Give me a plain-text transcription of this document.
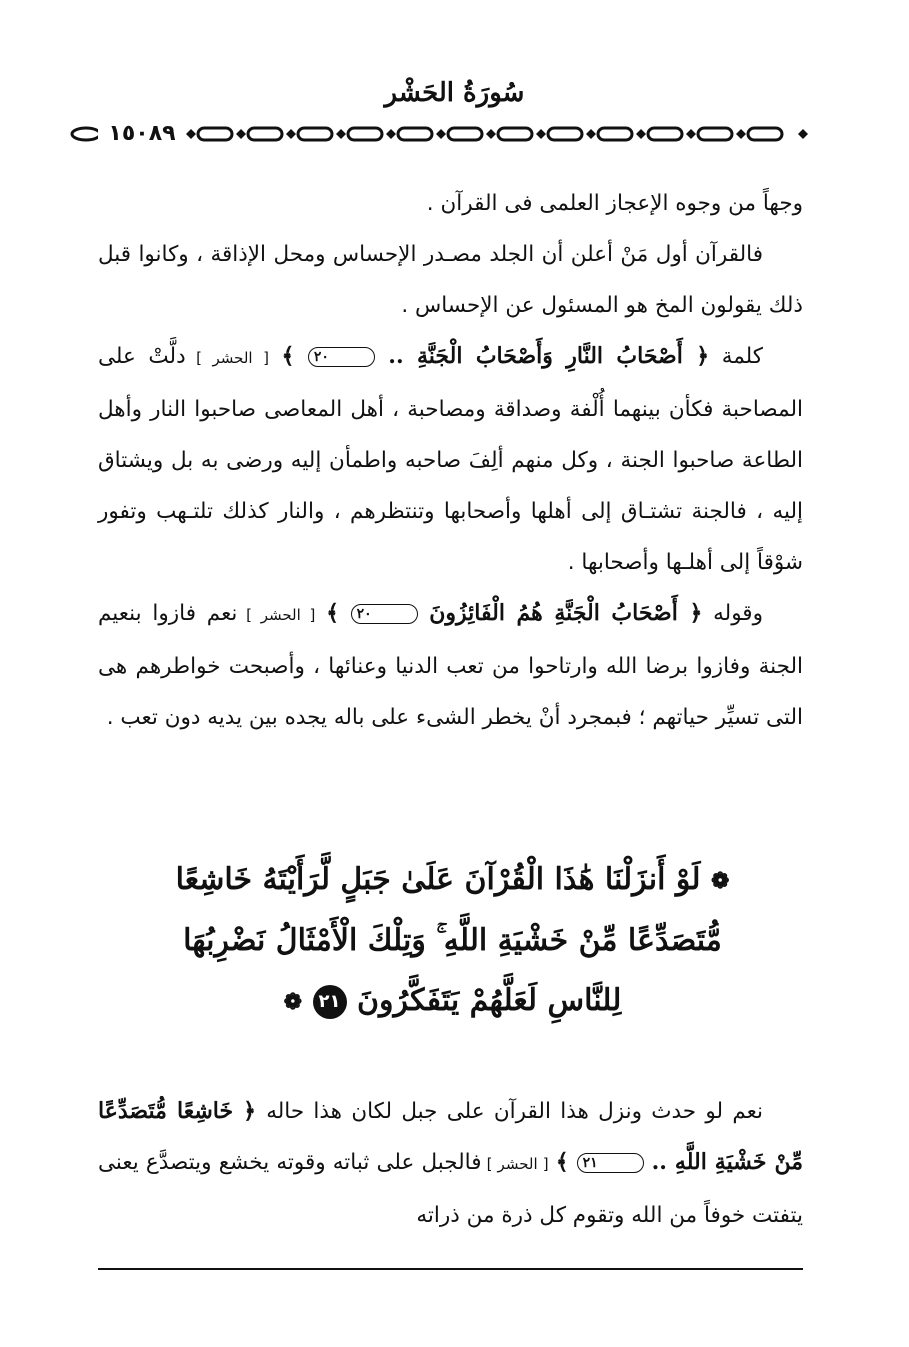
سُورَةُ الحَشْر
١٥٠٨٩

وجهاً من وجوه الإعجاز العلمى فى القرآن .

فالقرآن أول مَنْ أعلن أن الجلد مصـدر الإحساس ومحل الإذاقة ، وكانوا قبل ذلك يقولون المخ هو المسئول عن الإحساس .

كلمة ﴿ أَصْحَابُ النَّارِ وَأَصْحَابُ الْجَنَّةِ .. ٢٠ ﴾ [ الحشر ] دلَّتْ على المصاحبة فكأن بينهما أُلْفة وصداقة ومصاحبة ، أهل المعاصى صاحبوا النار وأهل الطاعة صاحبوا الجنة ، وكل منهم ألِفَ صاحبه واطمأن إليه ورضى به بل ويشتاق إليه ، فالجنة تشتـاق إلى أهلها وأصحابها وتنتظرهم ، والنار كذلك تلتـهب وتفور شوْقاً إلى أهلـها وأصحابها .

وقوله ﴿ أَصْحَابُ الْجَنَّةِ هُمُ الْفَائِزُونَ ٢٠ ﴾ [ الحشر ] نعم فازوا بنعيم الجنة وفازوا برضا الله وارتاحوا من تعب الدنيا وعنائها ، وأصبحت خواطرهم هى التى تسيِّر حياتهم ؛ فبمجرد أنْ يخطر الشىء على باله يجده بين يديه دون تعب .

❁ لَوْ أَنزَلْنَا هَٰذَا الْقُرْآنَ عَلَىٰ جَبَلٍ لَّرَأَيْتَهُ خَاشِعًا
مُّتَصَدِّعًا مِّنْ خَشْيَةِ اللَّهِ ۚ وَتِلْكَ الْأَمْثَالُ نَضْرِبُهَا
لِلنَّاسِ لَعَلَّهُمْ يَتَفَكَّرُونَ ٢١ ❁

نعم لو حدث ونزل هذا القرآن على جبل لكان هذا حاله ﴿ خَاشِعًا مُّتَصَدِّعًا مِّنْ خَشْيَةِ اللَّهِ .. ٢١ ﴾ [ الحشر ] فالجبل على ثباته وقوته يخشع ويتصدَّع يعنى يتفتت خوفاً من الله وتقوم كل ذرة من ذراته
